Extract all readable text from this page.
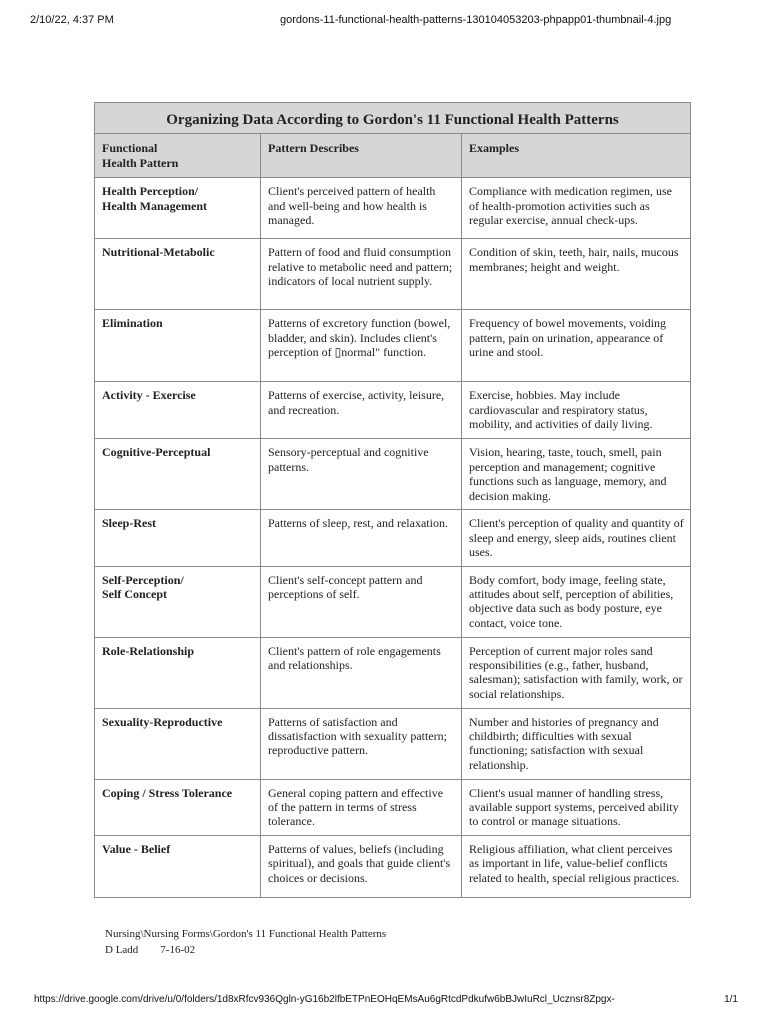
2/10/22, 4:37 PM	gordons-11-functional-health-patterns-130104053203-phpapp01-thumbnail-4.jpg
Organizing Data According to Gordon's 11 Functional Health Patterns		
Functional
Health Pattern	Pattern Describes	Examples
Health Perception/
Health Management	Client's perceived pattern of health and well-being and how health is managed.	Compliance with medication regimen, use of health-promotion activities such as regular exercise, annual check-ups.
Nutritional-Metabolic	Pattern of food and fluid consumption relative to metabolic need and pattern; indicators of local nutrient supply.	Condition of skin, teeth, hair, nails, mucous membranes; height and weight.
Elimination	Patterns of excretory function (bowel, bladder, and skin). Includes client's perception of ▯normal" function.	Frequency of bowel movements, voiding pattern, pain on urination, appearance of urine and stool.
Activity - Exercise	Patterns of exercise, activity, leisure, and recreation.	Exercise, hobbies. May include cardiovascular and respiratory status, mobility, and activities of daily living.
Cognitive-Perceptual	Sensory-perceptual and cognitive patterns.	Vision, hearing, taste, touch, smell, pain perception and management; cognitive functions such as language, memory, and decision making.
Sleep-Rest	Patterns of sleep, rest, and relaxation.	Client's perception of quality and quantity of sleep and energy, sleep aids, routines client uses.
Self-Perception/
Self Concept	Client's self-concept pattern and perceptions of self.	Body comfort, body image, feeling state, attitudes about self, perception of abilities, objective data such as body posture, eye contact, voice tone.
Role-Relationship	Client's pattern of role engagements and relationships.	Perception of current major roles sand responsibilities (e.g., father, husband, salesman); satisfaction with family, work, or social relationships.
Sexuality-Reproductive	Patterns of satisfaction and dissatisfaction with sexuality pattern; reproductive pattern.	Number and histories of pregnancy and childbirth; difficulties with sexual functioning; satisfaction with sexual relationship.
Coping / Stress Tolerance	General coping pattern and effective of the pattern in terms of stress tolerance.	Client's usual manner of handling stress, available support systems, perceived ability to control or manage situations.
Value - Belief	Patterns of values, beliefs (including spiritual), and goals that guide client's choices or decisions.	Religious affiliation, what client perceives as important in life, value-belief conflicts related to health, special religious practices.
Nursing\Nursing Forms\Gordon's 11 Functional Health Patterns
D Ladd 7-16-02
https://drive.google.com/drive/u/0/folders/1d8xRfcv936Qgln-yG16b2lfbETPnEOHqEMsAu6gRtcdPdkufw6bBJwIuRcl_Ucznsr8Zpgx-	1/1
